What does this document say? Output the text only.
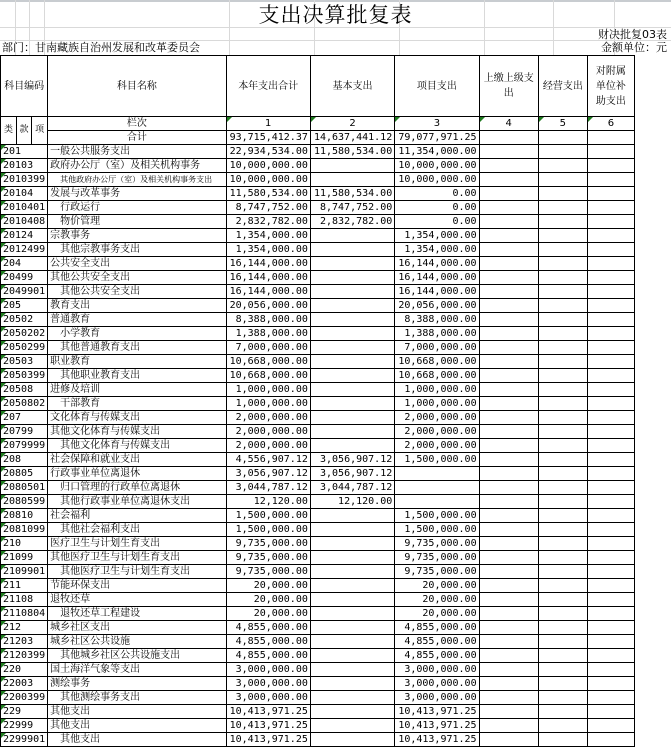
支出决算批复表
财决批复03表
部门：甘南藏族自治州发展和改革委员会	金额单位：元
科目编码			科目名称	本年支出合计	基本支出	项目支出	上缴上级支出	经营支出	对附属单位补助支出
类	款	项	栏次	1	2	3	4	5	6
			合计	93,715,412.37	14,637,441.12	79,077,971.25			
201			一般公共服务支出	22,934,534.00	11,580,534.00	11,354,000.00			
20103			政府办公厅（室）及相关机构事务	10,000,000.00		10,000,000.00			
2010399			其他政府办公厅（室）及相关机构事务支出	10,000,000.00		10,000,000.00			
20104			发展与改革事务	11,580,534.00	11,580,534.00	0.00			
2010401			行政运行	8,747,752.00	8,747,752.00	0.00			
2010408			物价管理	2,832,782.00	2,832,782.00	0.00			
20124			宗教事务	1,354,000.00		1,354,000.00			
2012499			其他宗教事务支出	1,354,000.00		1,354,000.00			
204			公共安全支出	16,144,000.00		16,144,000.00			
20499			其他公共安全支出	16,144,000.00		16,144,000.00			
2049901			其他公共安全支出	16,144,000.00		16,144,000.00			
205			教育支出	20,056,000.00		20,056,000.00			
20502			普通教育	8,388,000.00		8,388,000.00			
2050202			小学教育	1,388,000.00		1,388,000.00			
2050299			其他普通教育支出	7,000,000.00		7,000,000.00			
20503			职业教育	10,668,000.00		10,668,000.00			
2050399			其他职业教育支出	10,668,000.00		10,668,000.00			
20508			进修及培训	1,000,000.00		1,000,000.00			
2050802			干部教育	1,000,000.00		1,000,000.00			
207			文化体育与传媒支出	2,000,000.00		2,000,000.00			
20799			其他文化体育与传媒支出	2,000,000.00		2,000,000.00			
2079999			其他文化体育与传媒支出	2,000,000.00		2,000,000.00			
208			社会保障和就业支出	4,556,907.12	3,056,907.12	1,500,000.00			
20805			行政事业单位离退休	3,056,907.12	3,056,907.12				
2080501			归口管理的行政单位离退休	3,044,787.12	3,044,787.12				
2080599			其他行政事业单位离退休支出	12,120.00	12,120.00				
20810			社会福利	1,500,000.00		1,500,000.00			
2081099			其他社会福利支出	1,500,000.00		1,500,000.00			
210			医疗卫生与计划生育支出	9,735,000.00		9,735,000.00			
21099			其他医疗卫生与计划生育支出	9,735,000.00		9,735,000.00			
2109901			其他医疗卫生与计划生育支出	9,735,000.00		9,735,000.00			
211			节能环保支出	20,000.00		20,000.00			
21108			退牧还草	20,000.00		20,000.00			
2110804			退牧还草工程建设	20,000.00		20,000.00			
212			城乡社区支出	4,855,000.00		4,855,000.00			
21203			城乡社区公共设施	4,855,000.00		4,855,000.00			
2120399			其他城乡社区公共设施支出	4,855,000.00		4,855,000.00			
220			国土海洋气象等支出	3,000,000.00		3,000,000.00			
22003			测绘事务	3,000,000.00		3,000,000.00			
2200399			其他测绘事务支出	3,000,000.00		3,000,000.00			
229			其他支出	10,413,971.25		10,413,971.25			
22999			其他支出	10,413,971.25		10,413,971.25			
2299901			其他支出	10,413,971.25		10,413,971.25			
